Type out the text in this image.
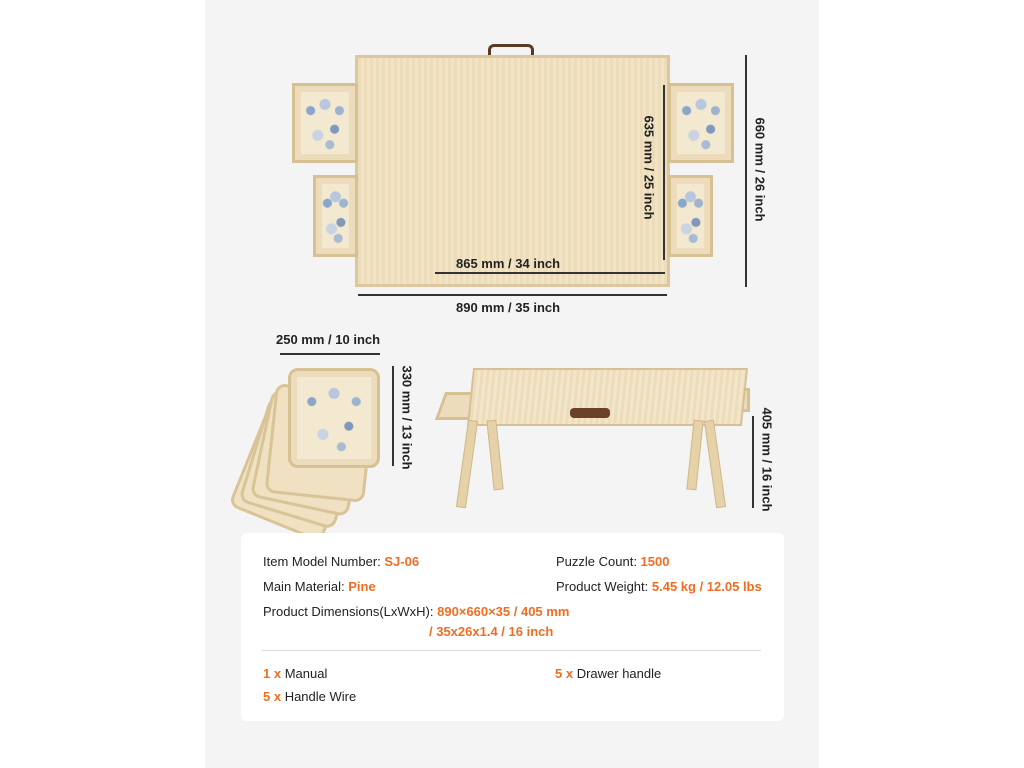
865 mm / 34 inch
890 mm / 35 inch
635 mm / 25 inch	660 mm / 26 inch
250 mm / 10 inch
330 mm / 13 inch	405 mm / 16 inch
Item Model Number: SJ-06	Puzzle Count: 1500
Main Material: Pine	Product Weight: 5.45 kg / 12.05 lbs
Product Dimensions(LxWxH): 890×660×35 / 405 mm
/ 35x26x1.4 / 16 inch
1 x Manual	5 x Drawer handle
5 x Handle Wire
